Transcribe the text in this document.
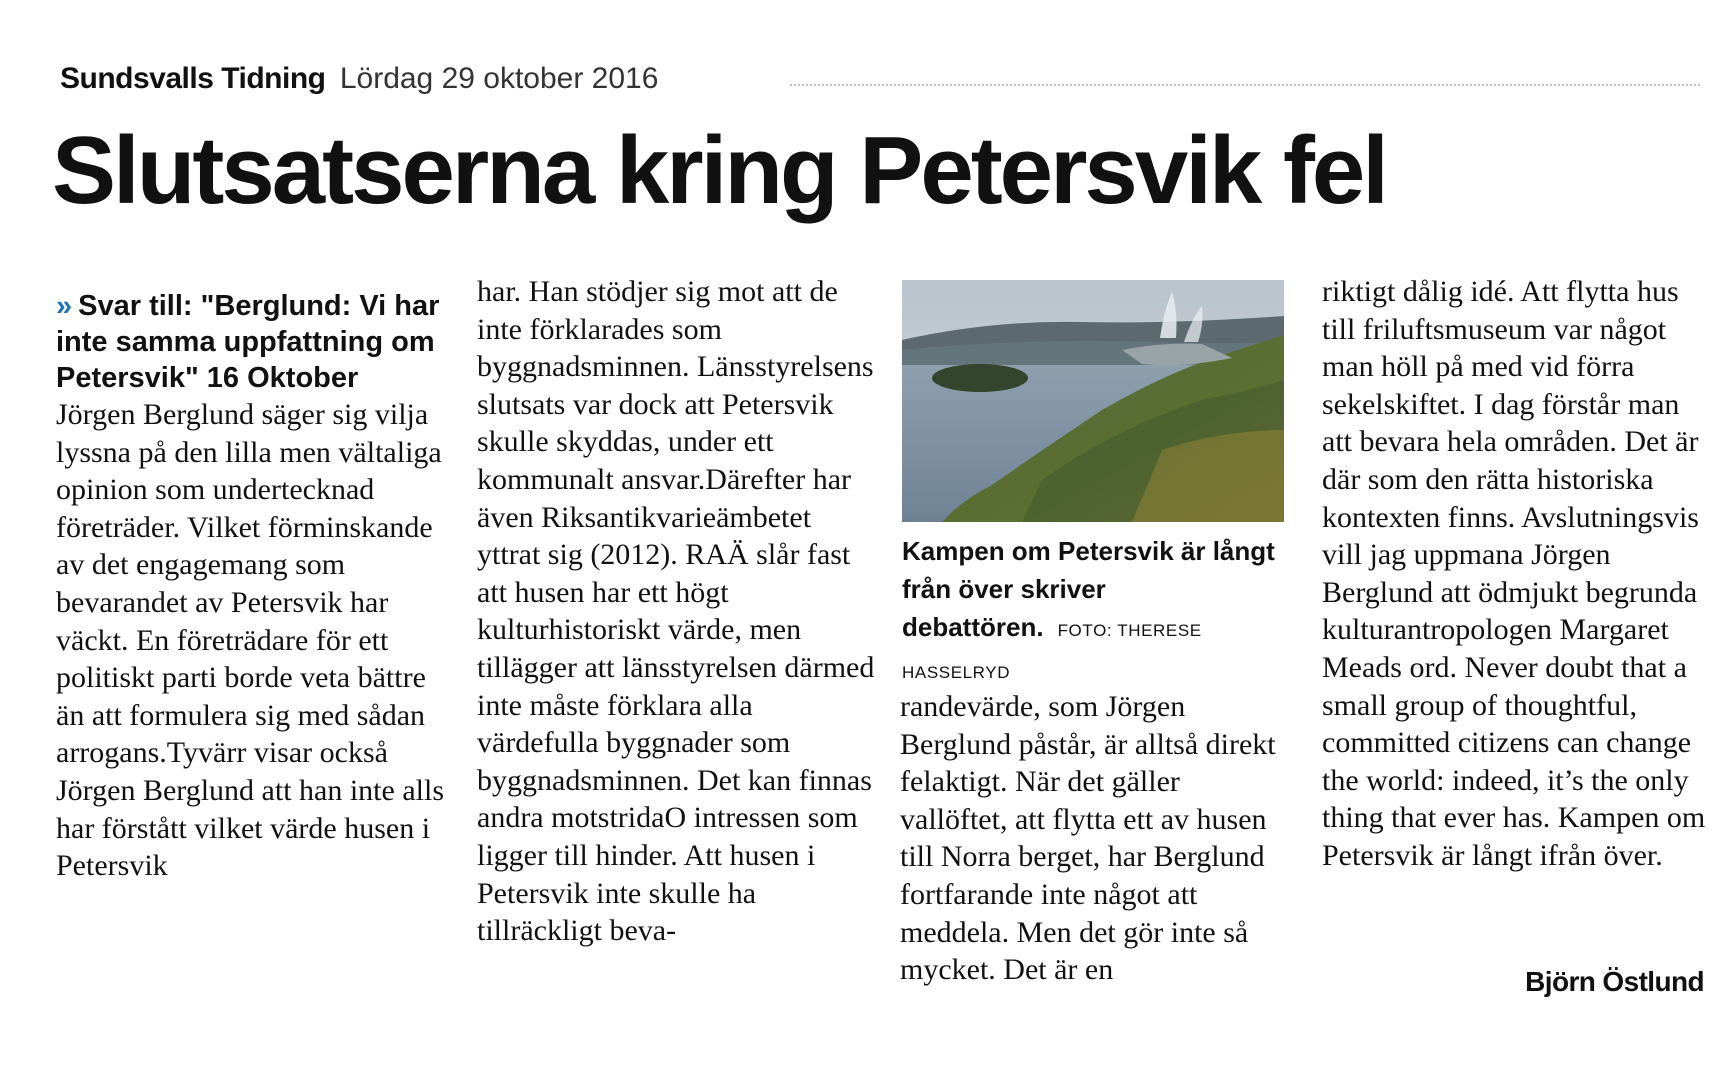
Sundsvalls Tidning Lördag 29 oktober 2016
Slutsatserna kring Petersvik fel

» Svar till: "Berglund: Vi har inte samma uppfattning om Petersvik" 16 Oktober

Jörgen Berglund säger sig vilja lyssna på den lilla men vältaliga opinion som undertecknad företräder. Vilket förminskande av det engagemang som bevarandet av Petersvik har väckt. En företrädare för ett politiskt parti borde veta bättre än att formulera sig med sådan arrogans.Tyvärr visar också Jörgen Berglund att han inte alls har förstått vilket värde husen i Petersvik

har. Han stödjer sig mot att de inte förklarades som byggnadsminnen. Länsstyrelsens slutsats var dock att Petersvik skulle skyddas, under ett kommunalt ansvar.Därefter har även Riksantikvarieämbetet yttrat sig (2012). RAÄ slår fast att husen har ett högt kulturhistoriskt värde, men tillägger att länsstyrelsen därmed inte måste förklara alla värdefulla byggnader som byggnadsminnen. Det kan finnas andra motstridaO intressen som ligger till hinder. Att husen i Petersvik inte skulle ha tillräckligt beva-

Kampen om Petersvik är långt från över skriver debattören. FOTO: THERESE HASSELRYD

randevärde, som Jörgen Berglund påstår, är alltså direkt felaktigt. När det gäller vallöftet, att flytta ett av husen till Norra berget, har Berglund fortfarande inte något att meddela. Men det gör inte så mycket. Det är en

riktigt dålig idé. Att flytta hus till friluftsmuseum var något man höll på med vid förra sekelskiftet. I dag förstår man att bevara hela områden. Det är där som den rätta historiska kontexten finns. Avslutningsvis vill jag uppmana Jörgen Berglund att ödmjukt begrunda kulturantropologen Margaret Meads ord. Never doubt that a small group of thoughtful, committed citizens can change the world: indeed, it’s the only thing that ever has. Kampen om Petersvik är långt ifrån över.

Björn Östlund
